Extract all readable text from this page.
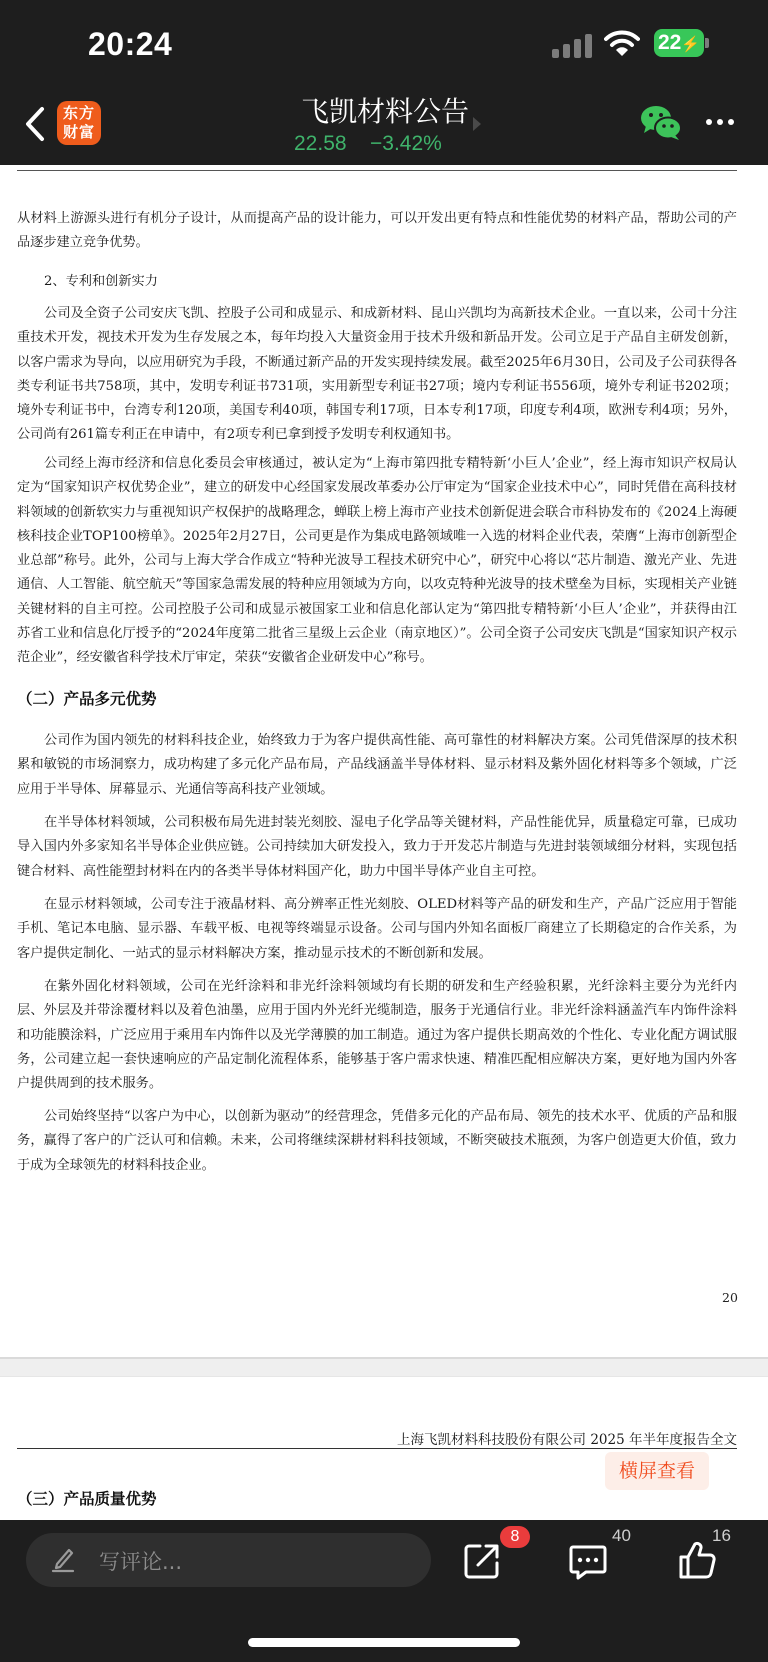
20:24	22⚡
东方
财富
飞凯材料公告
22.58 −3.42%
从材料上游源头进行有机分子设计，从而提高产品的设计能力，可以开发出更有特点和性能优势的材料产品，帮助公司的产品逐步建立竞争优势。
2、专利和创新实力
公司及全资子公司安庆飞凯、控股子公司和成显示、和成新材料、昆山兴凯均为高新技术企业。一直以来，公司十分注重技术开发，视技术开发为生存发展之本，每年均投入大量资金用于技术升级和新品开发。公司立足于产品自主研发创新，以客户需求为导向，以应用研究为手段，不断通过新产品的开发实现持续发展。截至2025年6月30日，公司及子公司获得各类专利证书共758项，其中，发明专利证书731项，实用新型专利证书27项；境内专利证书556项，境外专利证书202项；境外专利证书中，台湾专利120项，美国专利40项，韩国专利17项，日本专利17项，印度专利4项，欧洲专利4项；另外，公司尚有261篇专利正在申请中，有2项专利已拿到授予发明专利权通知书。
公司经上海市经济和信息化委员会审核通过，被认定为“上海市第四批专精特新‘小巨人’企业”，经上海市知识产权局认定为“国家知识产权优势企业”，建立的研发中心经国家发展改革委办公厅审定为“国家企业技术中心”，同时凭借在高科技材料领域的创新软实力与重视知识产权保护的战略理念，蝉联上榜上海市产业技术创新促进会联合市科协发布的《2024上海硬核科技企业TOP100榜单》。2025年2月27日，公司更是作为集成电路领域唯一入选的材料企业代表，荣膺“上海市创新型企业总部”称号。此外，公司与上海大学合作成立“特种光波导工程技术研究中心”，研究中心将以“芯片制造、激光产业、先进通信、人工智能、航空航天”等国家急需发展的特种应用领域为方向，以攻克特种光波导的技术壁垒为目标，实现相关产业链关键材料的自主可控。公司控股子公司和成显示被国家工业和信息化部认定为“第四批专精特新‘小巨人’企业”，并获得由江苏省工业和信息化厅授予的“2024年度第二批省三星级上云企业（南京地区）”。公司全资子公司安庆飞凯是“国家知识产权示范企业”，经安徽省科学技术厅审定，荣获“安徽省企业研发中心”称号。
（二）产品多元优势
公司作为国内领先的材料科技企业，始终致力于为客户提供高性能、高可靠性的材料解决方案。公司凭借深厚的技术积累和敏锐的市场洞察力，成功构建了多元化产品布局，产品线涵盖半导体材料、显示材料及紫外固化材料等多个领域，广泛应用于半导体、屏幕显示、光通信等高科技产业领域。
在半导体材料领域，公司积极布局先进封装光刻胶、湿电子化学品等关键材料，产品性能优异，质量稳定可靠，已成功导入国内外多家知名半导体企业供应链。公司持续加大研发投入，致力于开发芯片制造与先进封装领域细分材料，实现包括键合材料、高性能塑封材料在内的各类半导体材料国产化，助力中国半导体产业自主可控。
在显示材料领域，公司专注于液晶材料、高分辨率正性光刻胶、OLED材料等产品的研发和生产，产品广泛应用于智能手机、笔记本电脑、显示器、车载平板、电视等终端显示设备。公司与国内外知名面板厂商建立了长期稳定的合作关系，为客户提供定制化、一站式的显示材料解决方案，推动显示技术的不断创新和发展。
在紫外固化材料领域，公司在光纤涂料和非光纤涂料领域均有长期的研发和生产经验积累，光纤涂料主要分为光纤内层、外层及并带涂覆材料以及着色油墨，应用于国内外光纤光缆制造，服务于光通信行业。非光纤涂料涵盖汽车内饰件涂料和功能膜涂料，广泛应用于乘用车内饰件以及光学薄膜的加工制造。通过为客户提供长期高效的个性化、专业化配方调试服务，公司建立起一套快速响应的产品定制化流程体系，能够基于客户需求快速、精准匹配相应解决方案，更好地为国内外客户提供周到的技术服务。
公司始终坚持“以客户为中心，以创新为驱动”的经营理念，凭借多元化的产品布局、领先的技术水平、优质的产品和服务，赢得了客户的广泛认可和信赖。未来，公司将继续深耕材料科技领域，不断突破技术瓶颈，为客户创造更大价值，致力于成为全球领先的材料科技企业。
20
上海飞凯材料科技股份有限公司 2025 年半年度报告全文
横屏查看
（三）产品质量优势
写评论...
8	40	16
